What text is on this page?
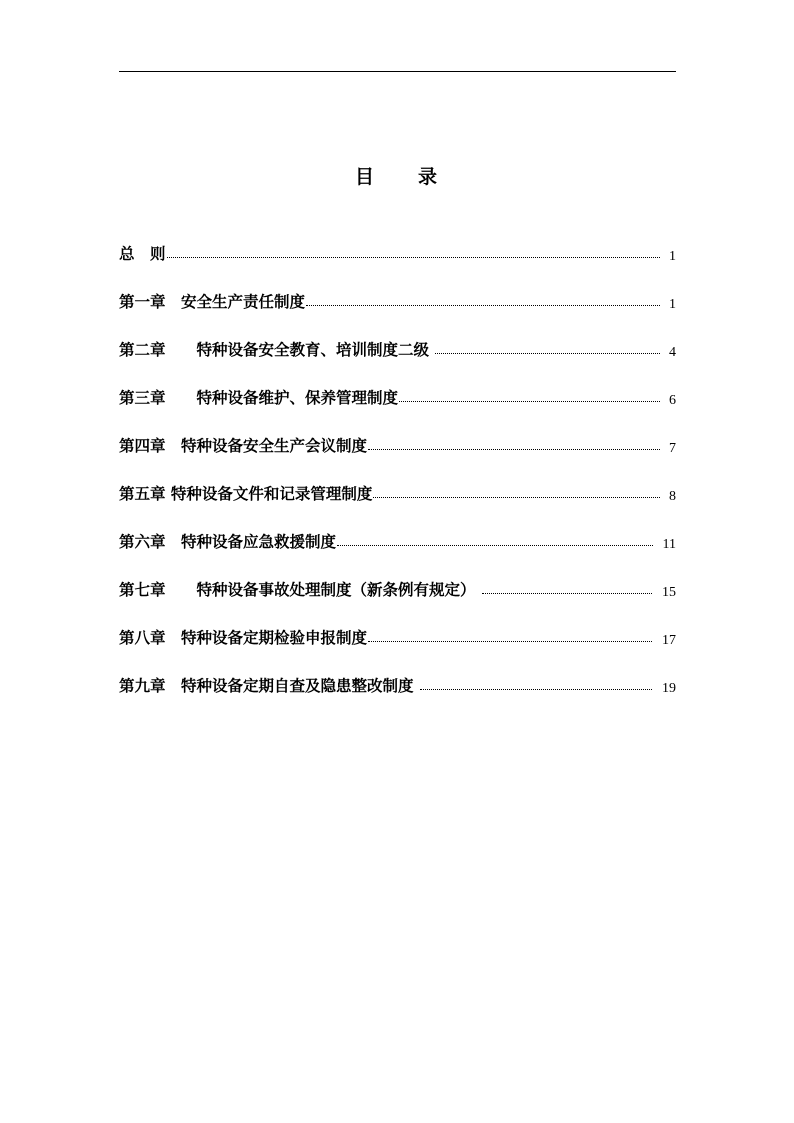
目　　录
总　则	1
第一章　安全生产责任制度	1
第二章　　特种设备安全教育、培训制度二级	4
第三章　　特种设备维护、保养管理制度	6
第四章　特种设备安全生产会议制度	7
第五章 特种设备文件和记录管理制度	8
第六章　特种设备应急救援制度	11
第七章　　特种设备事故处理制度（新条例有规定）	15
第八章　特种设备定期检验申报制度	17
第九章　特种设备定期自查及隐患整改制度	19
